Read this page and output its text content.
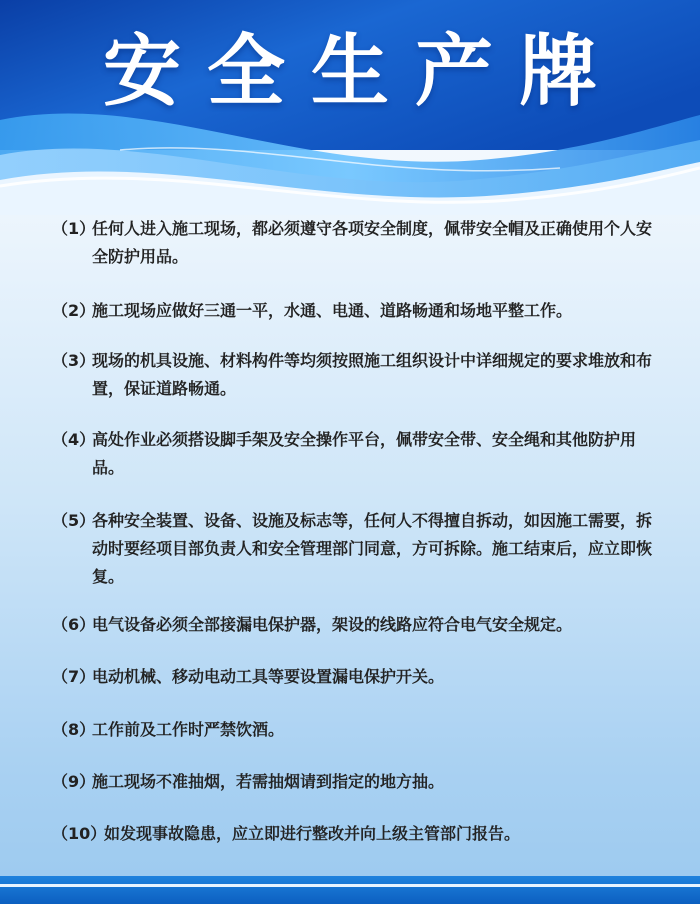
安全生产牌
（1）
任何人进入施工现场，都必须遵守各项安全制度，佩带安全帽及正确使用个人安全防护用品。
（2）
施工现场应做好三通一平，水通、电通、道路畅通和场地平整工作。
（3）
现场的机具设施、材料构件等均须按照施工组织设计中详细规定的要求堆放和布置，保证道路畅通。
（4）
高处作业必须搭设脚手架及安全操作平台，佩带安全带、安全绳和其他防护用品。
（5）
各种安全装置、设备、设施及标志等，任何人不得擅自拆动，如因施工需要，拆动时要经项目部负责人和安全管理部门同意，方可拆除。施工结束后，应立即恢复。
（6）
电气设备必须全部接漏电保护器，架设的线路应符合电气安全规定。
（7）
电动机械、移动电动工具等要设置漏电保护开关。
（8）
工作前及工作时严禁饮酒。
（9）
施工现场不准抽烟，若需抽烟请到指定的地方抽。
（10）
如发现事故隐患，应立即进行整改并向上级主管部门报告。
